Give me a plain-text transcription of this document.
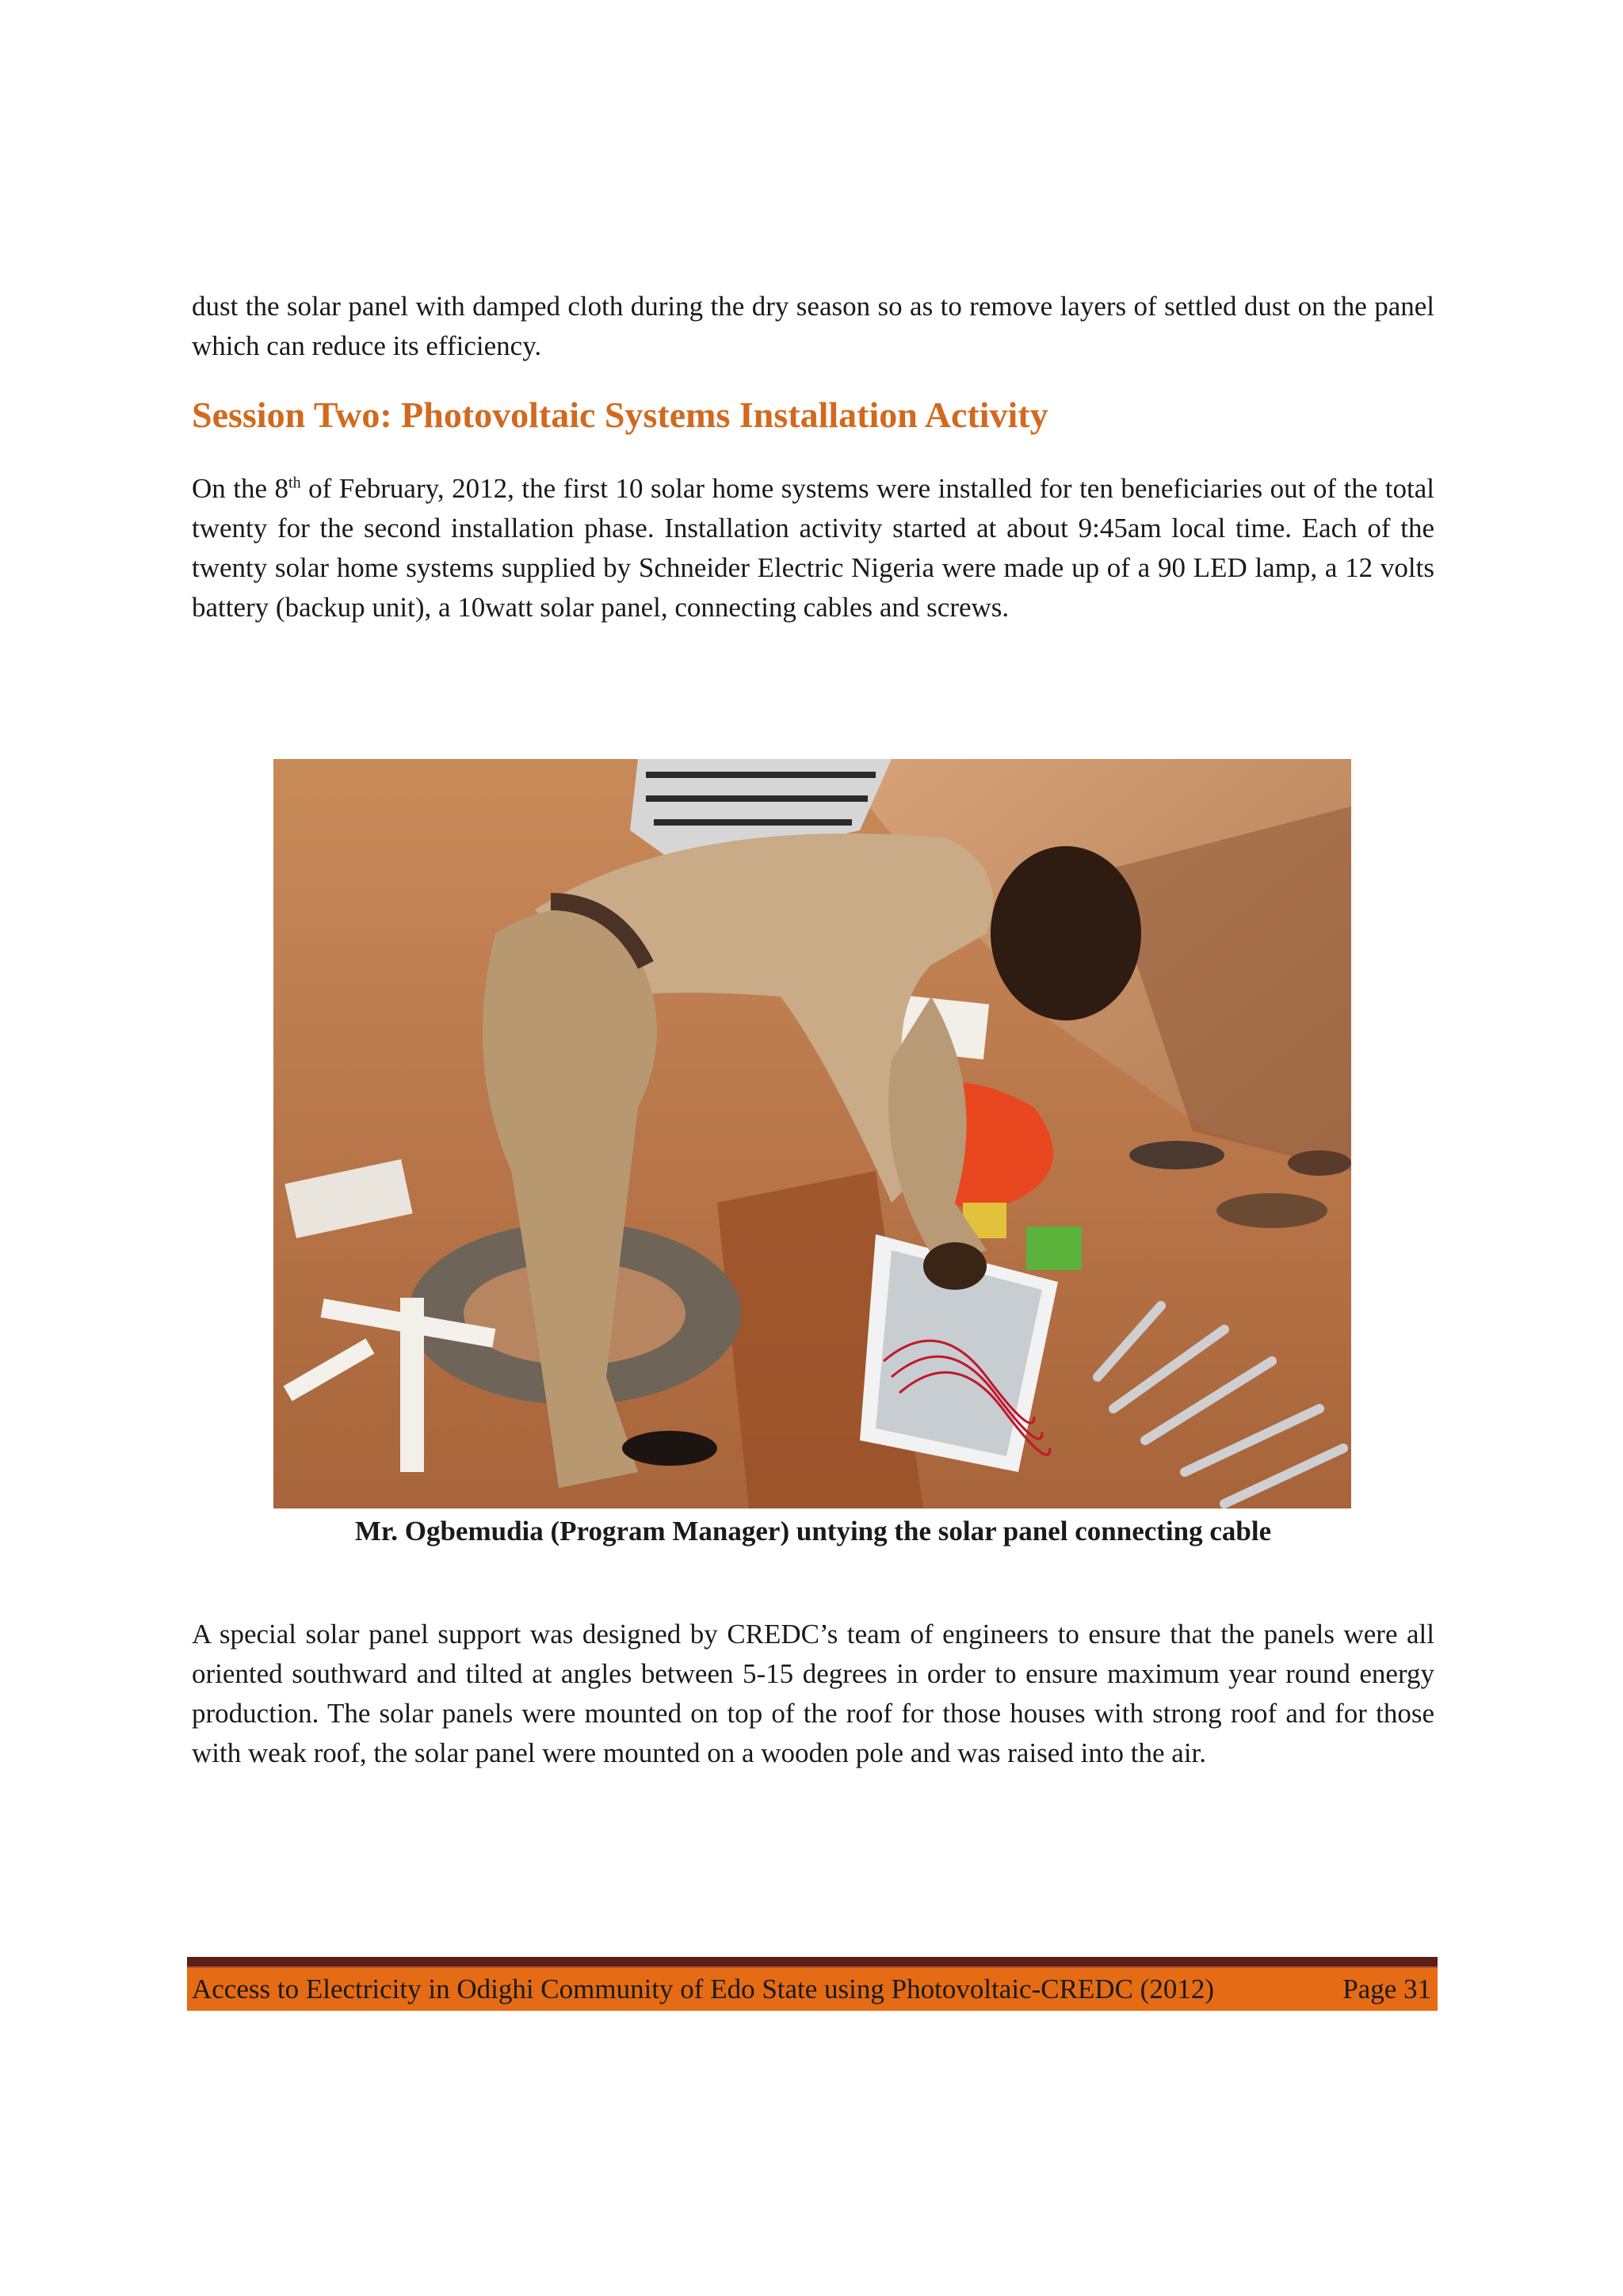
dust the solar panel with damped cloth during the dry season so as to remove layers of settled dust on the panel which can reduce its efficiency.

Session Two: Photovoltaic Systems Installation Activity

On the 8th of February, 2012, the first 10 solar home systems were installed for ten beneficiaries out of the total twenty for the second installation phase. Installation activity started at about 9:45am local time. Each of the twenty solar home systems supplied by Schneider Electric Nigeria were made up of a 90 LED lamp, a 12 volts battery (backup unit), a 10watt solar panel, connecting cables and screws.

Mr. Ogbemudia (Program Manager) untying the solar panel connecting cable

A special solar panel support was designed by CREDC’s team of engineers to ensure that the panels were all oriented southward and tilted at angles between 5-15 degrees in order to ensure maximum year round energy production. The solar panels were mounted on top of the roof for those houses with strong roof and for those with weak roof, the solar panel were mounted on a wooden pole and was raised into the air.

Access to Electricity in Odighi Community of Edo State using Photovoltaic-CREDC (2012)	Page 31
